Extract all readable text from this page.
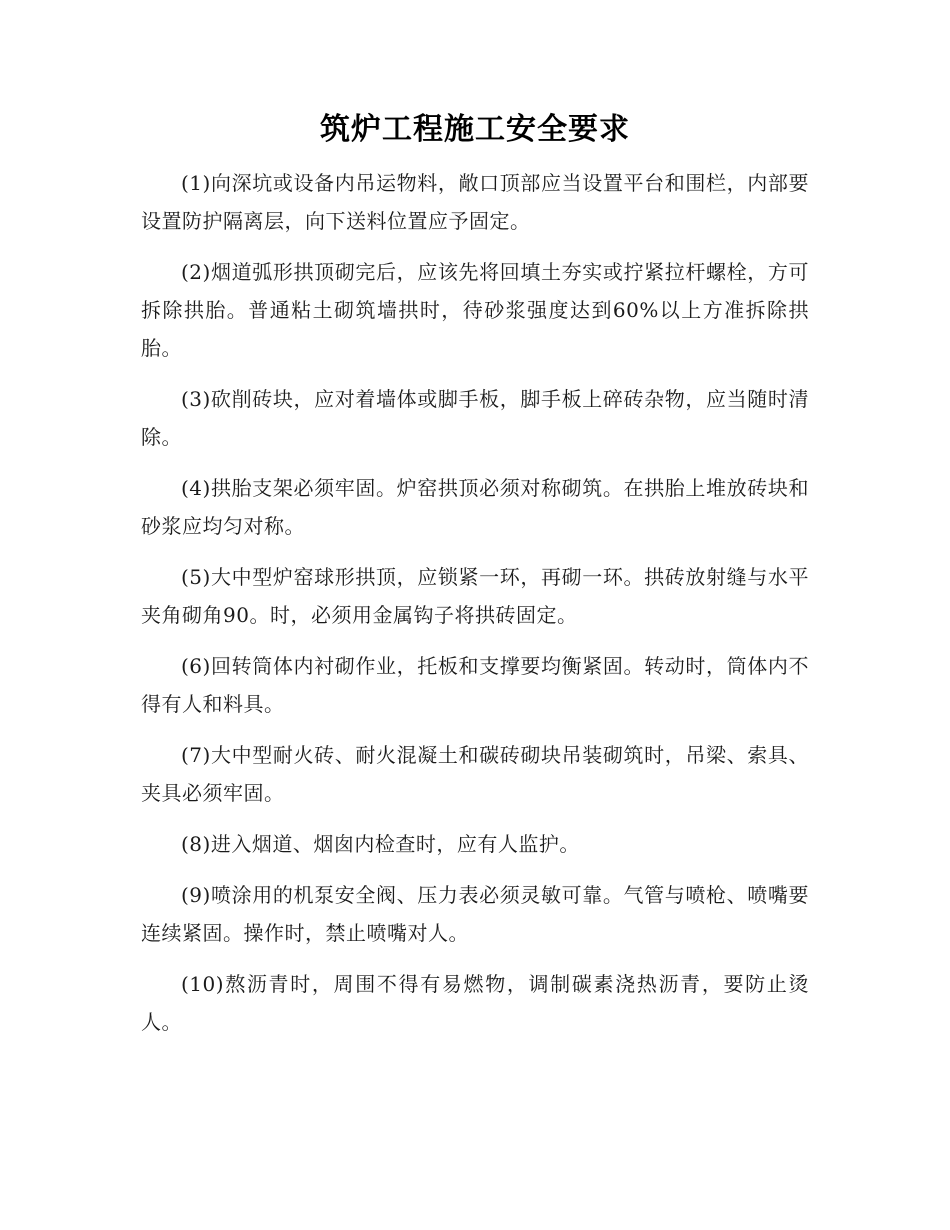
筑炉工程施工安全要求

(1)向深坑或设备内吊运物料，敞口顶部应当设置平台和围栏，内部要设置防护隔离层，向下送料位置应予固定。

(2)烟道弧形拱顶砌完后，应该先将回填土夯实或拧紧拉杆螺栓，方可拆除拱胎。普通粘土砌筑墙拱时，待砂浆强度达到60%以上方准拆除拱胎。

(3)砍削砖块，应对着墙体或脚手板，脚手板上碎砖杂物，应当随时清除。

(4)拱胎支架必须牢固。炉窑拱顶必须对称砌筑。在拱胎上堆放砖块和砂浆应均匀对称。

(5)大中型炉窑球形拱顶，应锁紧一环，再砌一环。拱砖放射缝与水平夹角砌角90。时，必须用金属钩子将拱砖固定。

(6)回转筒体内衬砌作业，托板和支撑要均衡紧固。转动时，筒体内不得有人和料具。

(7)大中型耐火砖、耐火混凝土和碳砖砌块吊装砌筑时，吊梁、索具、夹具必须牢固。

(8)进入烟道、烟囱内检查时，应有人监护。

(9)喷涂用的机泵安全阀、压力表必须灵敏可靠。气管与喷枪、喷嘴要连续紧固。操作时，禁止喷嘴对人。

(10)熬沥青时，周围不得有易燃物，调制碳素浇热沥青，要防止烫人。
